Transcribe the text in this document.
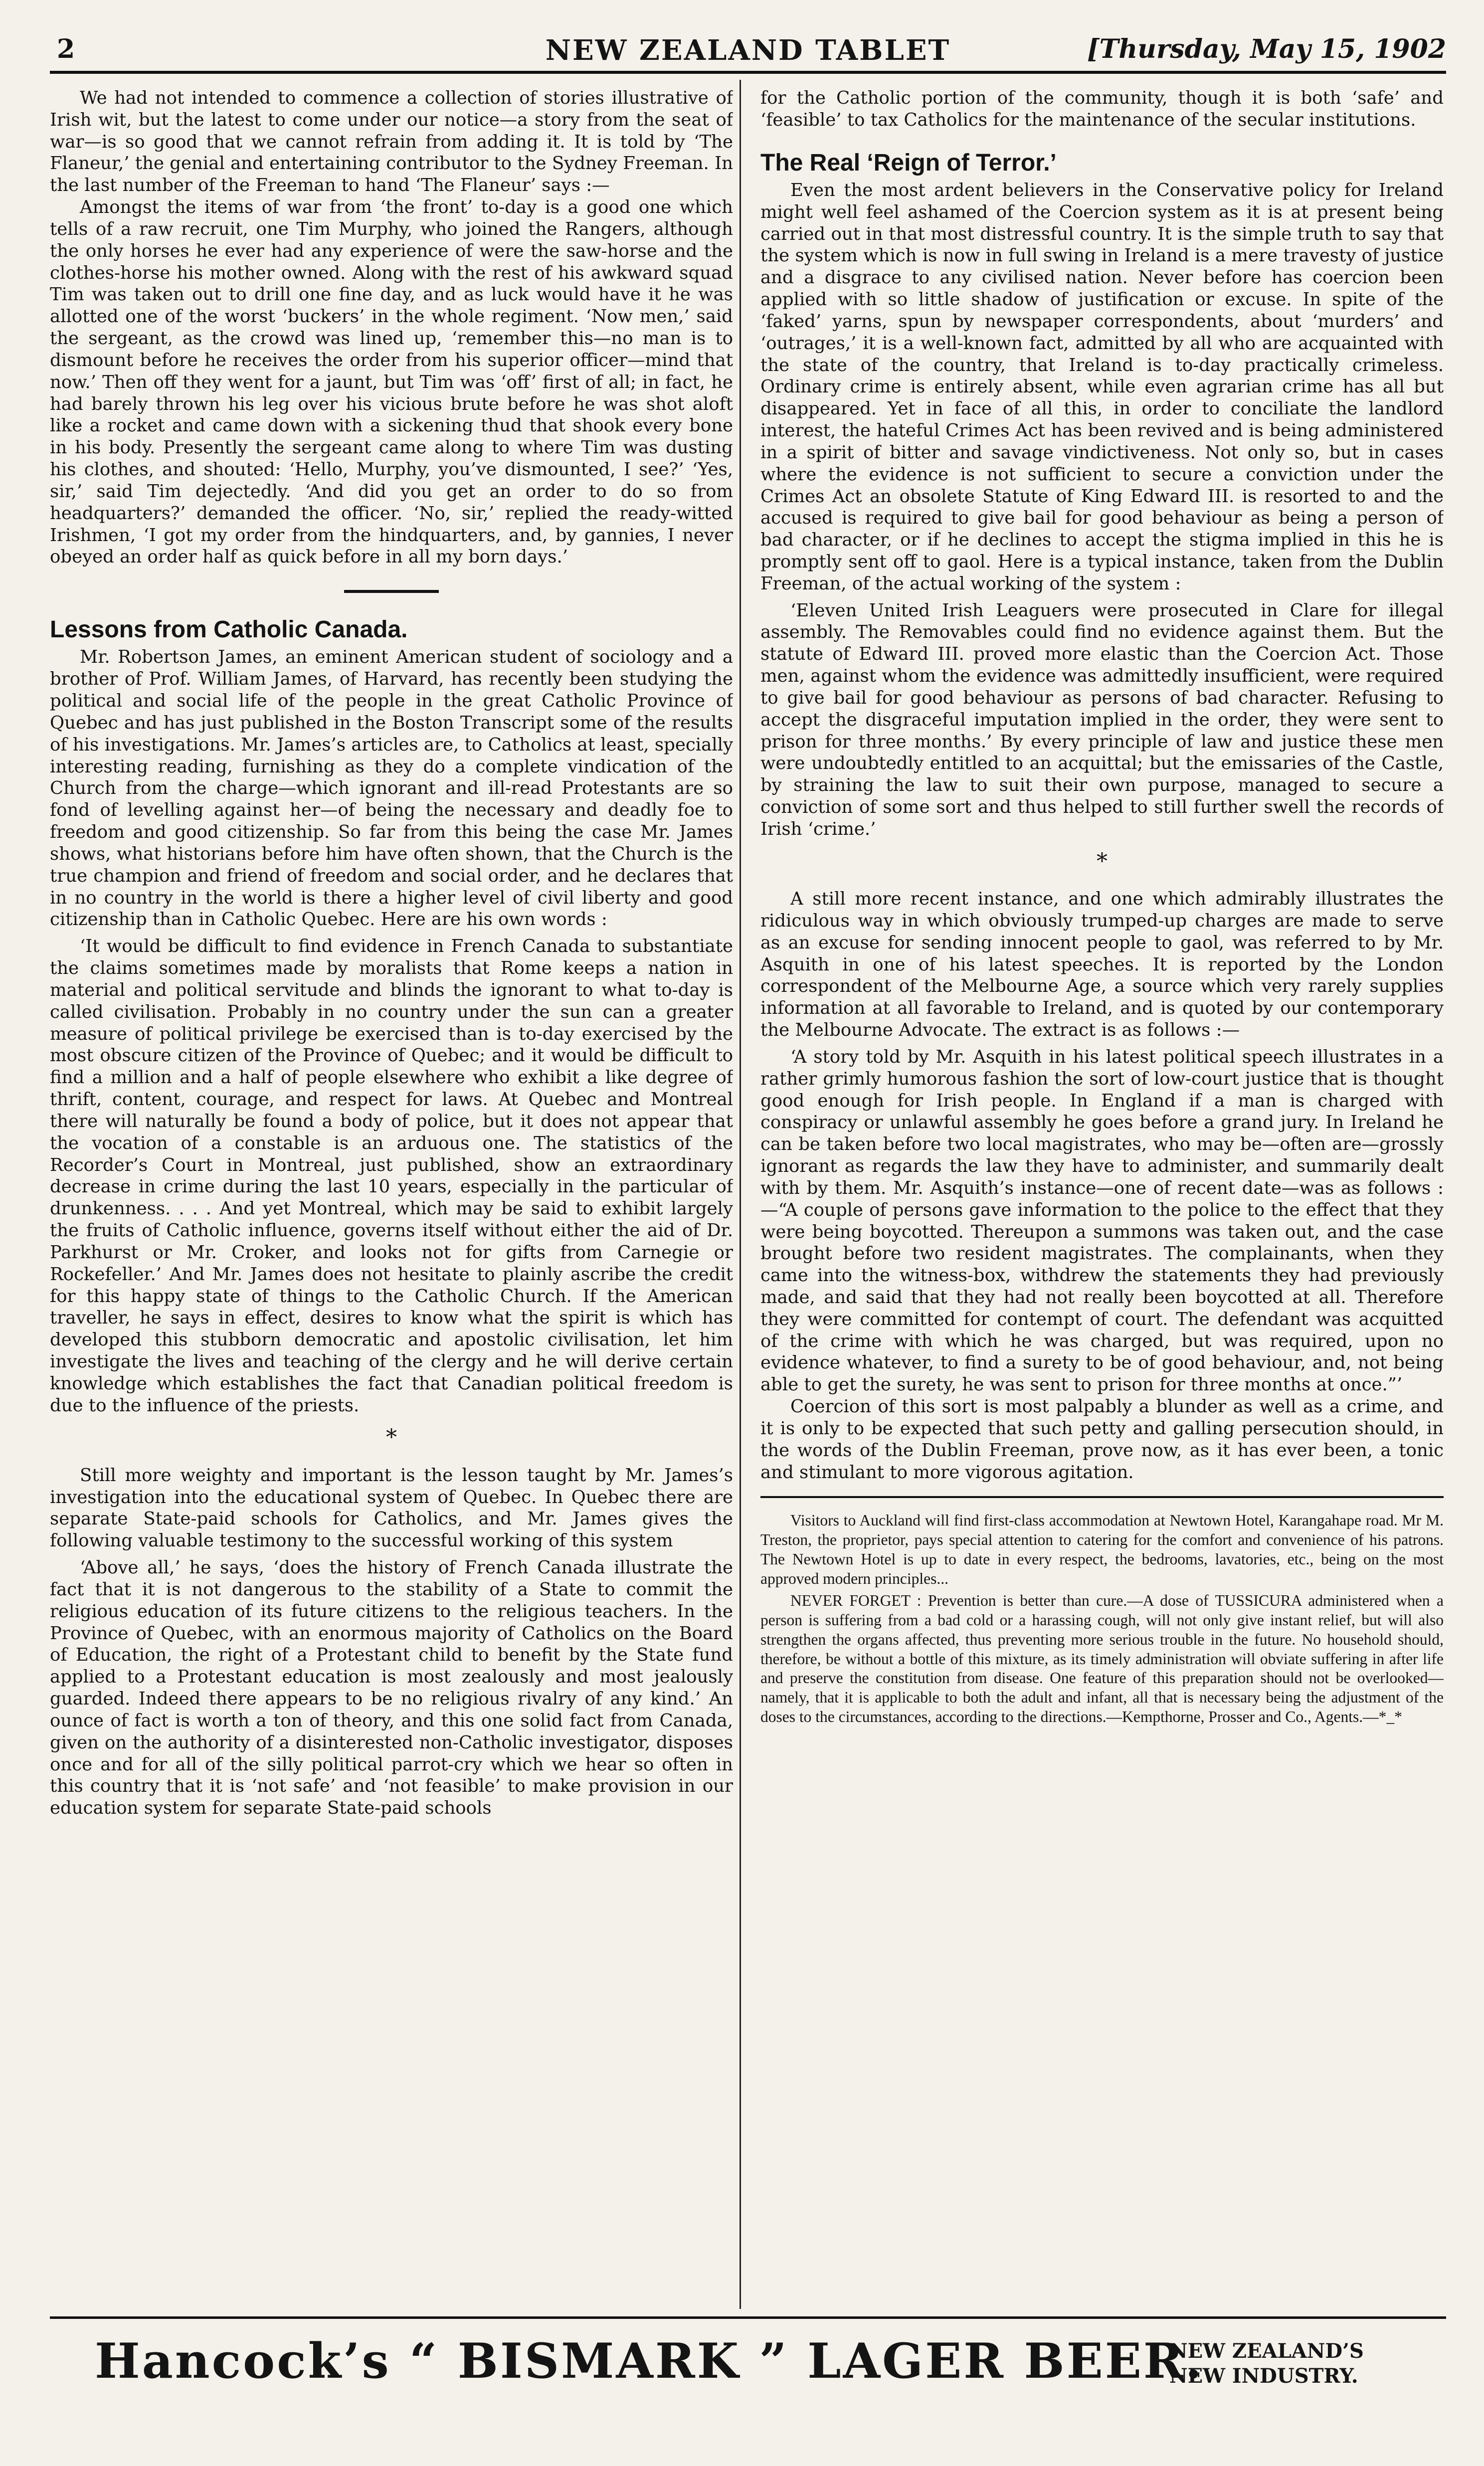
2	NEW ZEALAND TABLET	[Thursday, May 15, 1902

We had not intended to commence a collection of stories illustrative of Irish wit, but the latest to come under our notice—a story from the seat of war—is so good that we cannot refrain from adding it. It is told by ‘The Flaneur,’ the genial and entertaining contributor to the Sydney Freeman. In the last number of the Freeman to hand ‘The Flaneur’ says :—

Amongst the items of war from ‘the front’ to-day is a good one which tells of a raw recruit, one Tim Murphy, who joined the Rangers, although the only horses he ever had any experience of were the saw-horse and the clothes-horse his mother owned. Along with the rest of his awkward squad Tim was taken out to drill one fine day, and as luck would have it he was allotted one of the worst ‘buckers’ in the whole regiment. ‘Now men,’ said the sergeant, as the crowd was lined up, ‘remember this—no man is to dismount before he receives the order from his superior officer—mind that now.’ Then off they went for a jaunt, but Tim was ‘off’ first of all; in fact, he had barely thrown his leg over his vicious brute before he was shot aloft like a rocket and came down with a sickening thud that shook every bone in his body. Presently the sergeant came along to where Tim was dusting his clothes, and shouted: ‘Hello, Murphy, you’ve dismounted, I see?’ ‘Yes, sir,’ said Tim dejectedly. ‘And did you get an order to do so from headquarters?’ demanded the officer. ‘No, sir,’ replied the ready-witted Irishmen, ‘I got my order from the hindquarters, and, by gannies, I never obeyed an order half as quick before in all my born days.’

Lessons from Catholic Canada.

Mr. Robertson James, an eminent American student of sociology and a brother of Prof. William James, of Harvard, has recently been studying the political and social life of the people in the great Catholic Province of Quebec and has just published in the Boston Transcript some of the results of his investigations. Mr. James’s articles are, to Catholics at least, specially interesting reading, furnishing as they do a complete vindication of the Church from the charge—which ignorant and ill-read Protestants are so fond of levelling against her—of being the necessary and deadly foe to freedom and good citizenship. So far from this being the case Mr. James shows, what historians before him have often shown, that the Church is the true champion and friend of freedom and social order, and he declares that in no country in the world is there a higher level of civil liberty and good citizenship than in Catholic Quebec. Here are his own words :

‘It would be difficult to find evidence in French Canada to substantiate the claims sometimes made by moralists that Rome keeps a nation in material and political servitude and blinds the ignorant to what to-day is called civilisation. Probably in no country under the sun can a greater measure of political privilege be exercised than is to-day exercised by the most obscure citizen of the Province of Quebec; and it would be difficult to find a million and a half of people elsewhere who exhibit a like degree of thrift, content, courage, and respect for laws. At Quebec and Montreal there will naturally be found a body of police, but it does not appear that the vocation of a constable is an arduous one. The statistics of the Recorder’s Court in Montreal, just published, show an extraordinary decrease in crime during the last 10 years, especially in the particular of drunkenness. . . . And yet Montreal, which may be said to exhibit largely the fruits of Catholic influence, governs itself without either the aid of Dr. Parkhurst or Mr. Croker, and looks not for gifts from Carnegie or Rockefeller.’ And Mr. James does not hesitate to plainly ascribe the credit for this happy state of things to the Catholic Church. If the American traveller, he says in effect, desires to know what the spirit is which has developed this stubborn democratic and apostolic civilisation, let him investigate the lives and teaching of the clergy and he will derive certain knowledge which establishes the fact that Canadian political freedom is due to the influence of the priests.

*

Still more weighty and important is the lesson taught by Mr. James’s investigation into the educational system of Quebec. In Quebec there are separate State-paid schools for Catholics, and Mr. James gives the following valuable testimony to the successful working of this system

‘Above all,’ he says, ‘does the history of French Canada illustrate the fact that it is not dangerous to the stability of a State to commit the religious education of its future citizens to the religious teachers. In the Province of Quebec, with an enormous majority of Catholics on the Board of Education, the right of a Protestant child to benefit by the State fund applied to a Protestant education is most zealously and most jealously guarded. Indeed there appears to be no religious rivalry of any kind.’ An ounce of fact is worth a ton of theory, and this one solid fact from Canada, given on the authority of a disinterested non-Catholic investigator, disposes once and for all of the silly political parrot-cry which we hear so often in this country that it is ‘not safe’ and ‘not feasible’ to make provision in our education system for separate State-paid schools

for the Catholic portion of the community, though it is both ‘safe’ and ‘feasible’ to tax Catholics for the maintenance of the secular institutions.

The Real ‘Reign of Terror.’

Even the most ardent believers in the Conservative policy for Ireland might well feel ashamed of the Coercion system as it is at present being carried out in that most distressful country. It is the simple truth to say that the system which is now in full swing in Ireland is a mere travesty of justice and a disgrace to any civilised nation. Never before has coercion been applied with so little shadow of justification or excuse. In spite of the ‘faked’ yarns, spun by newspaper correspondents, about ‘murders’ and ‘outrages,’ it is a well-known fact, admitted by all who are acquainted with the state of the country, that Ireland is to-day practically crimeless. Ordinary crime is entirely absent, while even agrarian crime has all but disappeared. Yet in face of all this, in order to conciliate the landlord interest, the hateful Crimes Act has been revived and is being administered in a spirit of bitter and savage vindictiveness. Not only so, but in cases where the evidence is not sufficient to secure a conviction under the Crimes Act an obsolete Statute of King Edward III. is resorted to and the accused is required to give bail for good behaviour as being a person of bad character, or if he declines to accept the stigma implied in this he is promptly sent off to gaol. Here is a typical instance, taken from the Dublin Freeman, of the actual working of the system :

‘Eleven United Irish Leaguers were prosecuted in Clare for illegal assembly. The Removables could find no evidence against them. But the statute of Edward III. proved more elastic than the Coercion Act. Those men, against whom the evidence was admittedly insufficient, were required to give bail for good behaviour as persons of bad character. Refusing to accept the disgraceful imputation implied in the order, they were sent to prison for three months.’ By every principle of law and justice these men were undoubtedly entitled to an acquittal; but the emissaries of the Castle, by straining the law to suit their own purpose, managed to secure a conviction of some sort and thus helped to still further swell the records of Irish ‘crime.’

*

A still more recent instance, and one which admirably illustrates the ridiculous way in which obviously trumped-up charges are made to serve as an excuse for sending innocent people to gaol, was referred to by Mr. Asquith in one of his latest speeches. It is reported by the London correspondent of the Melbourne Age, a source which very rarely supplies information at all favorable to Ireland, and is quoted by our contemporary the Melbourne Advocate. The extract is as follows :—

‘A story told by Mr. Asquith in his latest political speech illustrates in a rather grimly humorous fashion the sort of low-court justice that is thought good enough for Irish people. In England if a man is charged with conspiracy or unlawful assembly he goes before a grand jury. In Ireland he can be taken before two local magistrates, who may be—often are—grossly ignorant as regards the law they have to administer, and summarily dealt with by them. Mr. Asquith’s instance—one of recent date—was as follows :—“A couple of persons gave information to the police to the effect that they were being boycotted. Thereupon a summons was taken out, and the case brought before two resident magistrates. The complainants, when they came into the witness-box, withdrew the statements they had previously made, and said that they had not really been boycotted at all. Therefore they were committed for contempt of court. The defendant was acquitted of the crime with which he was charged, but was required, upon no evidence whatever, to find a surety to be of good behaviour, and, not being able to get the surety, he was sent to prison for three months at once.”’

Coercion of this sort is most palpably a blunder as well as a crime, and it is only to be expected that such petty and galling persecution should, in the words of the Dublin Freeman, prove now, as it has ever been, a tonic and stimulant to more vigorous agitation.

Visitors to Auckland will find first-class accommodation at Newtown Hotel, Karangahape road. Mr M. Treston, the proprietor, pays special attention to catering for the comfort and convenience of his patrons. The Newtown Hotel is up to date in every respect, the bedrooms, lavatories, etc., being on the most approved modern principles...

NEVER FORGET : Prevention is better than cure.—A dose of TUSSICURA administered when a person is suffering from a bad cold or a harassing cough, will not only give instant relief, but will also strengthen the organs affected, thus preventing more serious trouble in the future. No household should, therefore, be without a bottle of this mixture, as its timely administration will obviate suffering in after life and preserve the constitution from disease. One feature of this preparation should not be overlooked—namely, that it is applicable to both the adult and infant, all that is necessary being the adjustment of the doses to the circumstances, according to the directions.—Kempthorne, Prosser and Co., Agents.—*_*

Hancock’s “ BISMARK ” LAGER BEER.
NEW ZEALAND’S
NEW INDUSTRY.
